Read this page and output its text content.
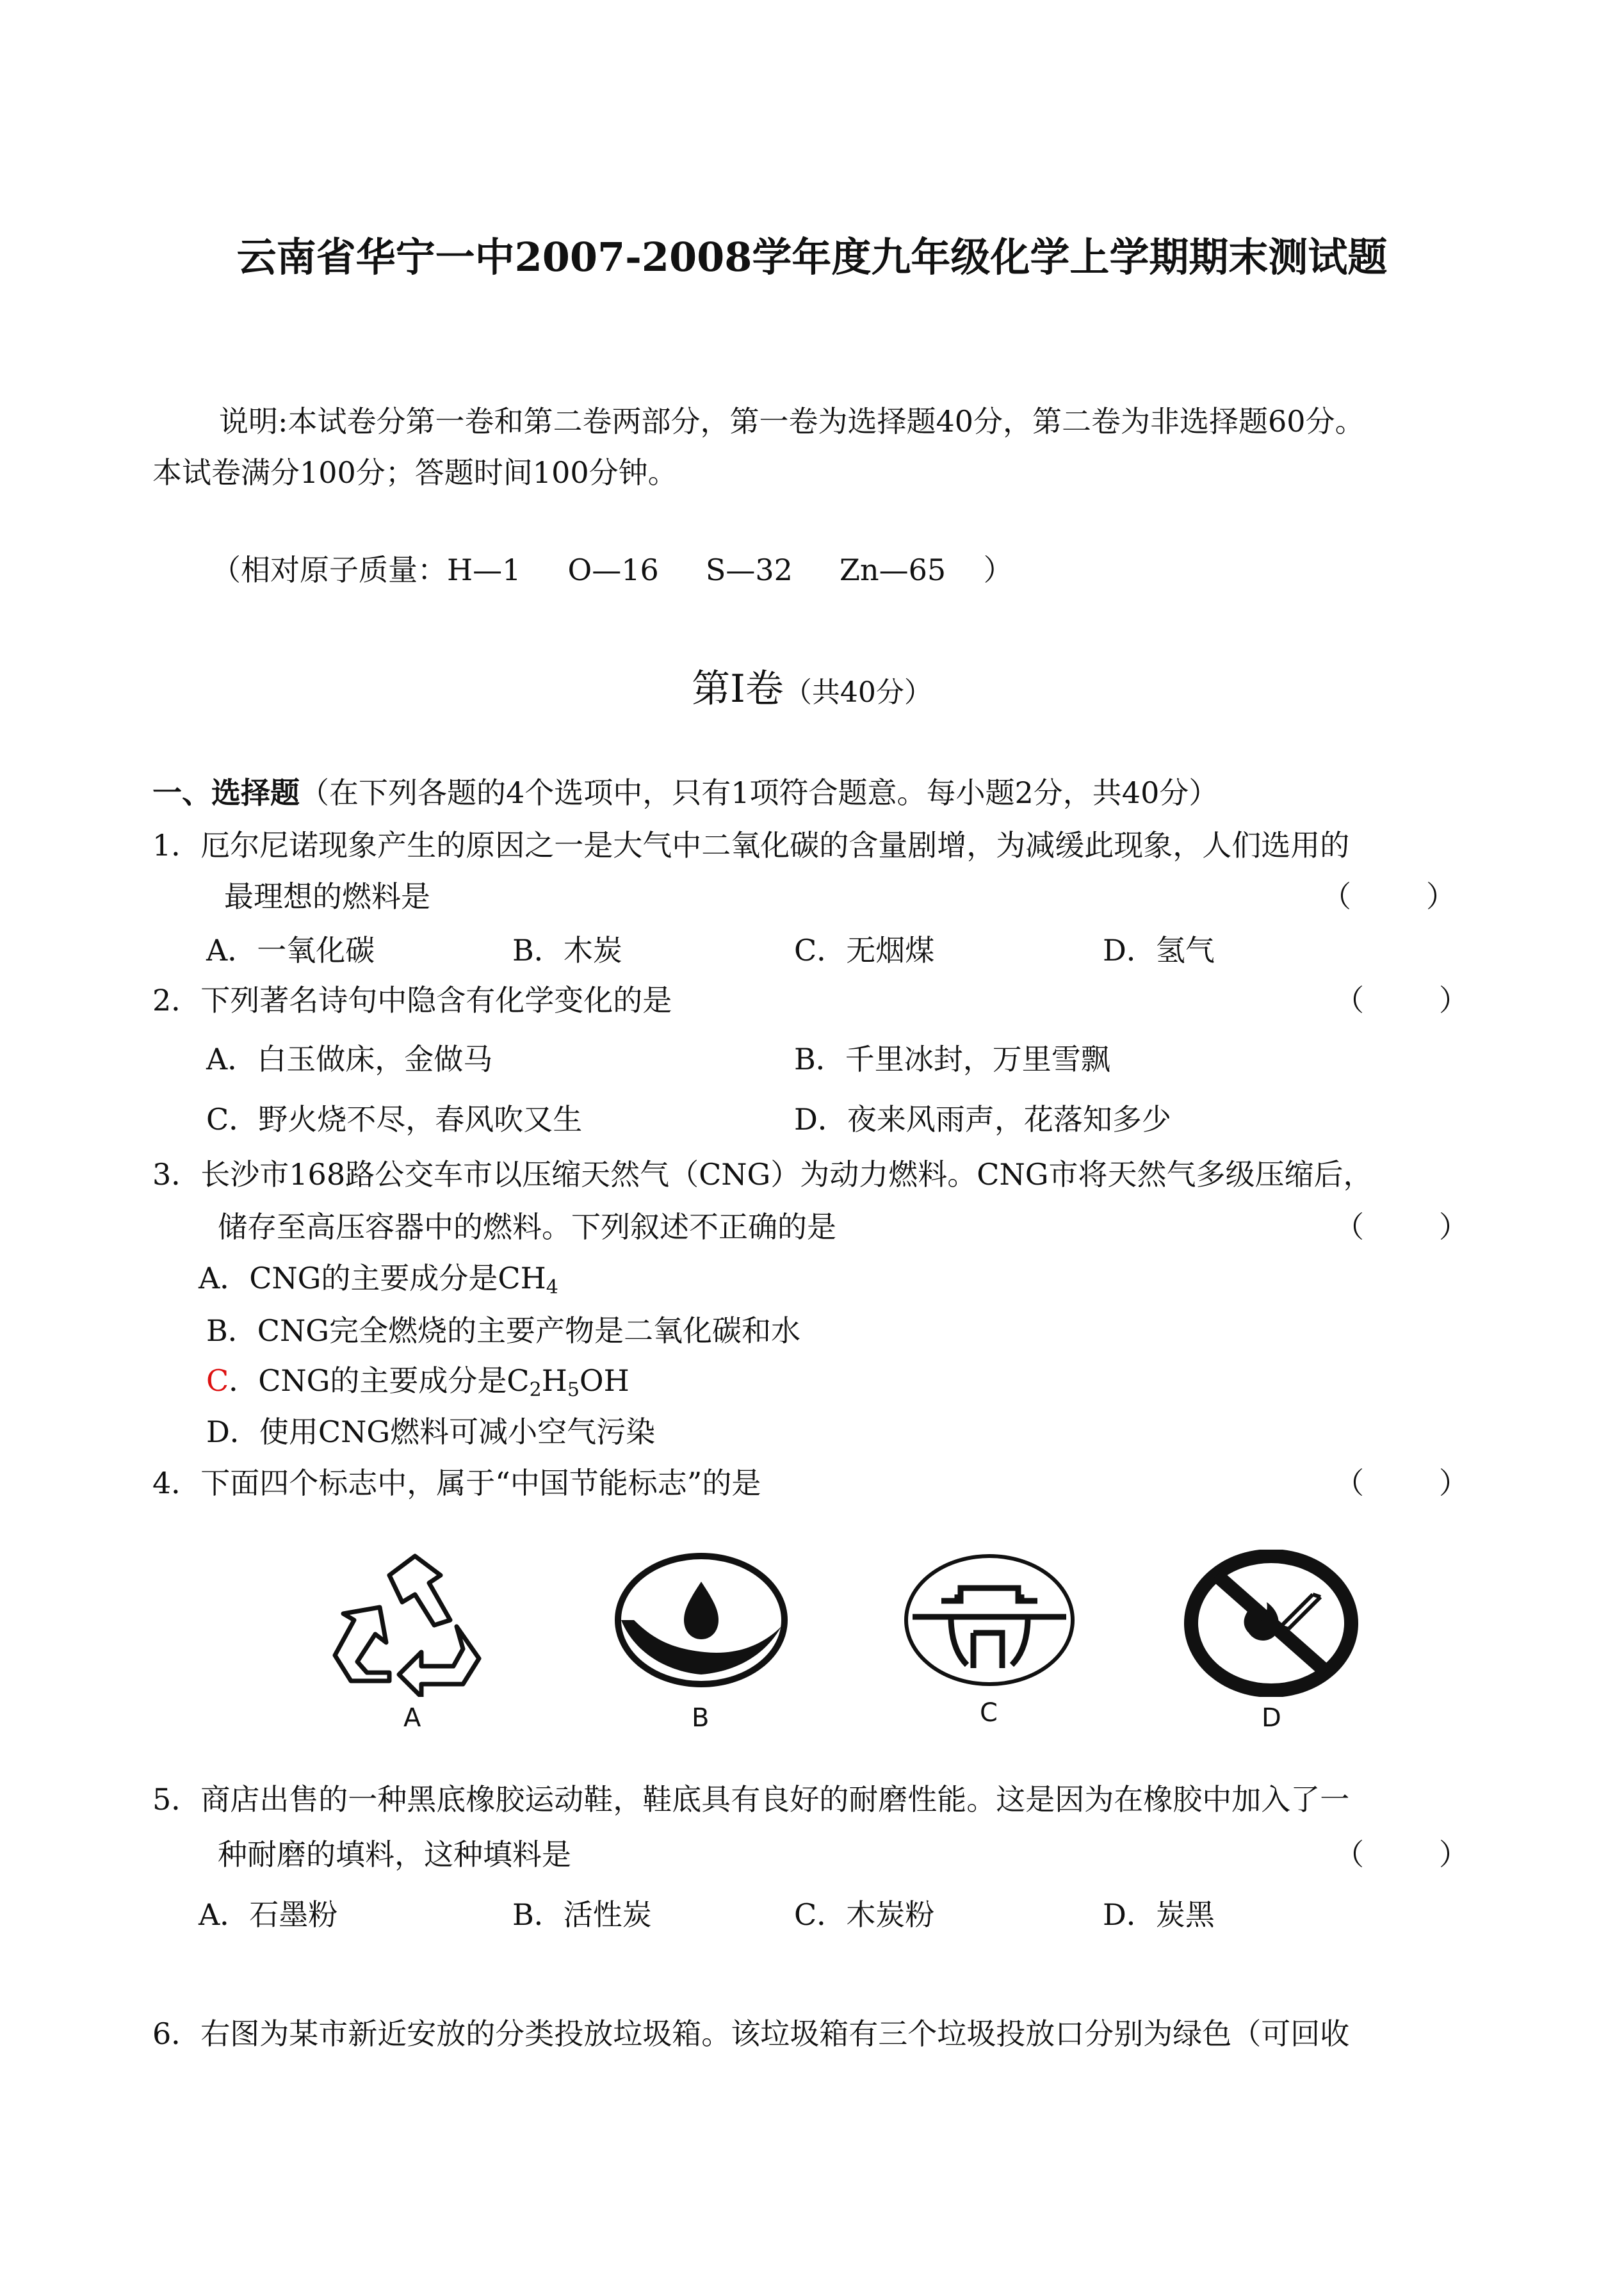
云南省华宁一中2007-2008学年度九年级化学上学期期末测试题
说明:本试卷分第一卷和第二卷两部分，第一卷为选择题40分，第二卷为非选择题60分。
本试卷满分100分；答题时间100分钟。
（相对原子质量：H—1     O—16     S—32     Zn—65    ）
第I卷（共40分）
一、选择题（在下列各题的4个选项中，只有1项符合题意。每小题2分，共40分）
1．厄尔尼诺现象产生的原因之一是大气中二氧化碳的含量剧增，为减缓此现象，人们选用的
最理想的燃料是	（        ）
A．一氧化碳	B．木炭	C．无烟煤	D．氢气
2．下列著名诗句中隐含有化学变化的是	（        ）
A．白玉做床，金做马	B．千里冰封，万里雪飘
C．野火烧不尽，春风吹又生	D．夜来风雨声，花落知多少
3．长沙市168路公交车市以压缩天然气（CNG）为动力燃料。CNG市将天然气多级压缩后，
储存至高压容器中的燃料。下列叙述不正确的是	（        ）
A．CNG的主要成分是$CH_4$
B．CNG完全燃烧的主要产物是二氧化碳和水
C．CNG的主要成分是$C_2H_5OH$
D．使用CNG燃料可减小空气污染
4．下面四个标志中，属于“中国节能标志”的是	（        ）
A	B	C	D
5．商店出售的一种黑底橡胶运动鞋，鞋底具有良好的耐磨性能。这是因为在橡胶中加入了一
种耐磨的填料，这种填料是	（        ）
A．石墨粉	B．活性炭	C．木炭粉	D．炭黑
6．右图为某市新近安放的分类投放垃圾箱。该垃圾箱有三个垃圾投放口分别为绿色（可回收
